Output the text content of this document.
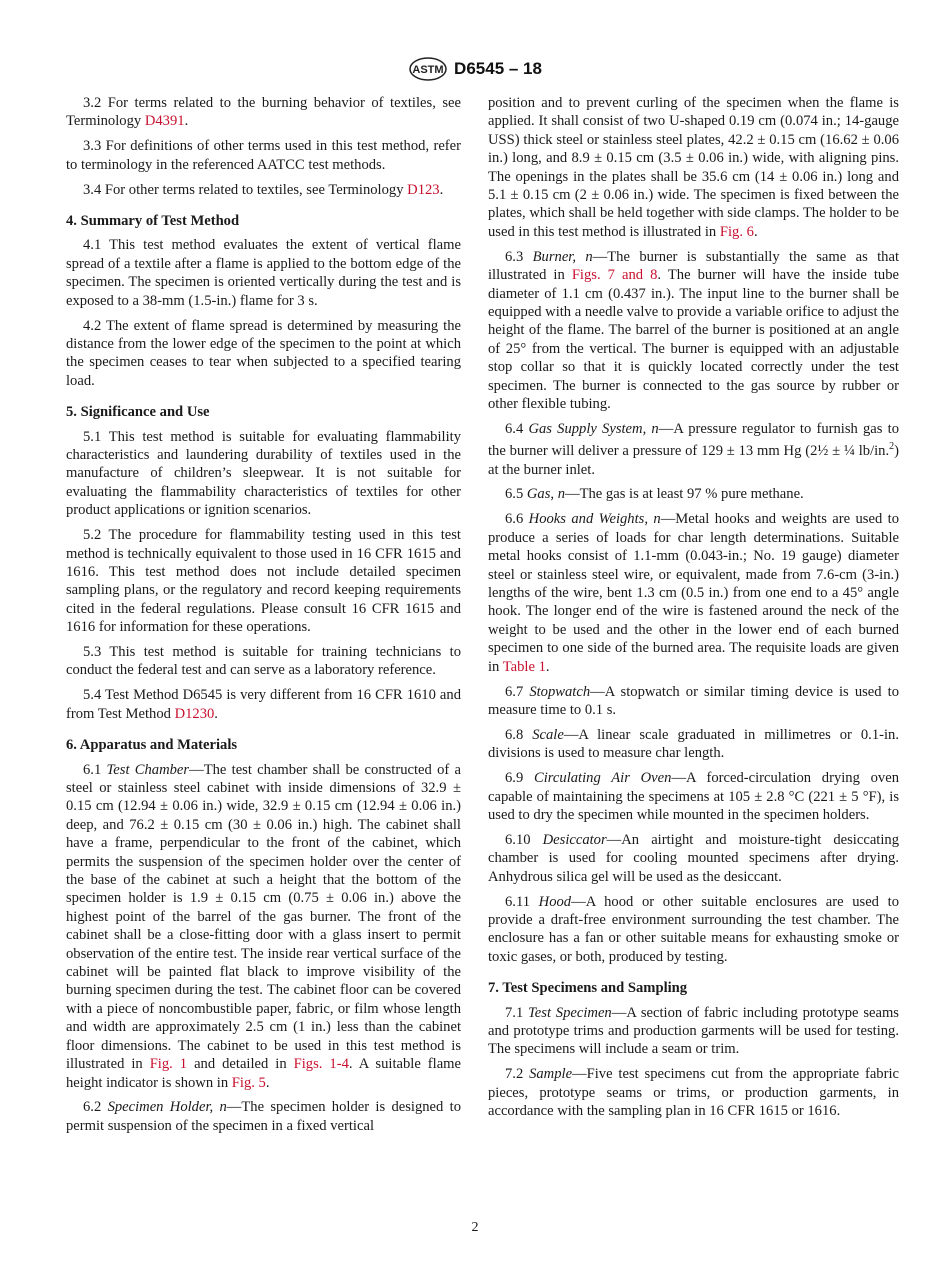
ASTM D6545 – 18

3.2 For terms related to the burning behavior of textiles, see Terminology D4391.

3.3 For definitions of other terms used in this test method, refer to terminology in the referenced AATCC test methods.

3.4 For other terms related to textiles, see Terminology D123.

4. Summary of Test Method

4.1 This test method evaluates the extent of vertical flame spread of a textile after a flame is applied to the bottom edge of the specimen. The specimen is oriented vertically during the test and is exposed to a 38-mm (1.5-in.) flame for 3 s.

4.2 The extent of flame spread is determined by measuring the distance from the lower edge of the specimen to the point at which the specimen ceases to tear when subjected to a specified tearing load.

5. Significance and Use

5.1 This test method is suitable for evaluating flammability characteristics and laundering durability of textiles used in the manufacture of children’s sleepwear. It is not suitable for evaluating the flammability characteristics of textiles for other product applications or ignition scenarios.

5.2 The procedure for flammability testing used in this test method is technically equivalent to those used in 16 CFR 1615 and 1616. This test method does not include detailed specimen sampling plans, or the regulatory and record keeping requirements cited in the federal regulations. Please consult 16 CFR 1615 and 1616 for information for these operations.

5.3 This test method is suitable for training technicians to conduct the federal test and can serve as a laboratory reference.

5.4 Test Method D6545 is very different from 16 CFR 1610 and from Test Method D1230.

6. Apparatus and Materials

6.1 Test Chamber—The test chamber shall be constructed of a steel or stainless steel cabinet with inside dimensions of 32.9 ± 0.15 cm (12.94 ± 0.06 in.) wide, 32.9 ± 0.15 cm (12.94 ± 0.06 in.) deep, and 76.2 ± 0.15 cm (30 ± 0.06 in.) high. The cabinet shall have a frame, perpendicular to the front of the cabinet, which permits the suspension of the specimen holder over the center of the base of the cabinet at such a height that the bottom of the specimen holder is 1.9 ± 0.15 cm (0.75 ± 0.06 in.) above the highest point of the barrel of the gas burner. The front of the cabinet shall be a close-fitting door with a glass insert to permit observation of the entire test. The inside rear vertical surface of the cabinet will be painted flat black to improve visibility of the burning specimen during the test. The cabinet floor can be covered with a piece of noncombustible paper, fabric, or film whose length and width are approximately 2.5 cm (1 in.) less than the cabinet floor dimensions. The cabinet to be used in this test method is illustrated in Fig. 1 and detailed in Figs. 1-4. A suitable flame height indicator is shown in Fig. 5.

6.2 Specimen Holder, n—The specimen holder is designed to permit suspension of the specimen in a fixed vertical

position and to prevent curling of the specimen when the flame is applied. It shall consist of two U-shaped 0.19 cm (0.074 in.; 14-gauge USS) thick steel or stainless steel plates, 42.2 ± 0.15 cm (16.62 ± 0.06 in.) long, and 8.9 ± 0.15 cm (3.5 ± 0.06 in.) wide, with aligning pins. The openings in the plates shall be 35.6 cm (14 ± 0.06 in.) long and 5.1 ± 0.15 cm (2 ± 0.06 in.) wide. The specimen is fixed between the plates, which shall be held together with side clamps. The holder to be used in this test method is illustrated in Fig. 6.

6.3 Burner, n—The burner is substantially the same as that illustrated in Figs. 7 and 8. The burner will have the inside tube diameter of 1.1 cm (0.437 in.). The input line to the burner shall be equipped with a needle valve to provide a variable orifice to adjust the height of the flame. The barrel of the burner is positioned at an angle of 25° from the vertical. The burner is equipped with an adjustable stop collar so that it is quickly located correctly under the test specimen. The burner is connected to the gas source by rubber or other flexible tubing.

6.4 Gas Supply System, n—A pressure regulator to furnish gas to the burner will deliver a pressure of 129 ± 13 mm Hg (2½ ± ¼ lb/in.$^2$) at the burner inlet.

6.5 Gas, n—The gas is at least 97 % pure methane.

6.6 Hooks and Weights, n—Metal hooks and weights are used to produce a series of loads for char length determinations. Suitable metal hooks consist of 1.1-mm (0.043-in.; No. 19 gauge) diameter steel or stainless steel wire, or equivalent, made from 7.6-cm (3-in.) lengths of the wire, bent 1.3 cm (0.5 in.) from one end to a 45° angle hook. The longer end of the wire is fastened around the neck of the weight to be used and the other in the lower end of each burned specimen to one side of the burned area. The requisite loads are given in Table 1.

6.7 Stopwatch—A stopwatch or similar timing device is used to measure time to 0.1 s.

6.8 Scale—A linear scale graduated in millimetres or 0.1-in. divisions is used to measure char length.

6.9 Circulating Air Oven—A forced-circulation drying oven capable of maintaining the specimens at 105 ± 2.8 °C (221 ± 5 °F), is used to dry the specimen while mounted in the specimen holders.

6.10 Desiccator—An airtight and moisture-tight desiccating chamber is used for cooling mounted specimens after drying. Anhydrous silica gel will be used as the desiccant.

6.11 Hood—A hood or other suitable enclosures are used to provide a draft-free environment surrounding the test chamber. The enclosure has a fan or other suitable means for exhausting smoke or toxic gases, or both, produced by testing.

7. Test Specimens and Sampling

7.1 Test Specimen—A section of fabric including prototype seams and prototype trims and production garments will be used for testing. The specimens will include a seam or trim.

7.2 Sample—Five test specimens cut from the appropriate fabric pieces, prototype seams or trims, or production garments, in accordance with the sampling plan in 16 CFR 1615 or 1616.

2
